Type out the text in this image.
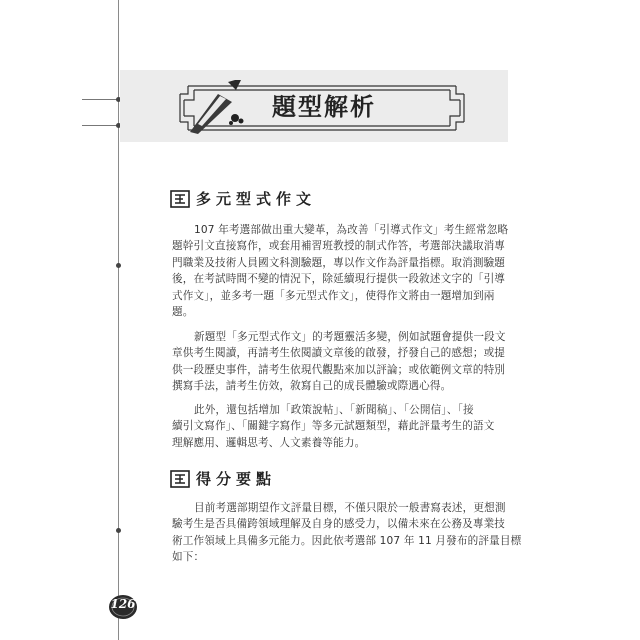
題型解析
多元型式作文
107 年考選部做出重大變革，為改善「引導式作文」考生經常忽略
題幹引文直接寫作，或套用補習班教授的制式作答，考選部決議取消專
門職業及技術人員國文科測驗題，專以作文作為評量指標。取消測驗題
後，在考試時間不變的情況下，除延續現行提供一段敘述文字的「引導
式作文」，並多考一題「多元型式作文」，使得作文將由一題增加到兩
題。
新題型「多元型式作文」的考題靈活多變，例如試題會提供一段文
章供考生閱讀，再請考生依閱讀文章後的啟發，抒發自己的感想；或提
供一段歷史事件，請考生依現代觀點來加以評論；或依範例文章的特別
撰寫手法，請考生仿效，敘寫自己的成長體驗或際遇心得。
此外，還包括增加「政策說帖」、「新聞稿」、「公開信」、「接
續引文寫作」、「關鍵字寫作」等多元試題類型，藉此評量考生的語文
理解應用、邏輯思考、人文素養等能力。
得分要點
目前考選部期望作文評量目標，不僅只限於一般書寫表述，更想測
驗考生是否具備跨領域理解及自身的感受力，以備未來在公務及專業技
術工作領域上具備多元能力。因此依考選部 107 年 11 月發布的評量目標
如下：
126
